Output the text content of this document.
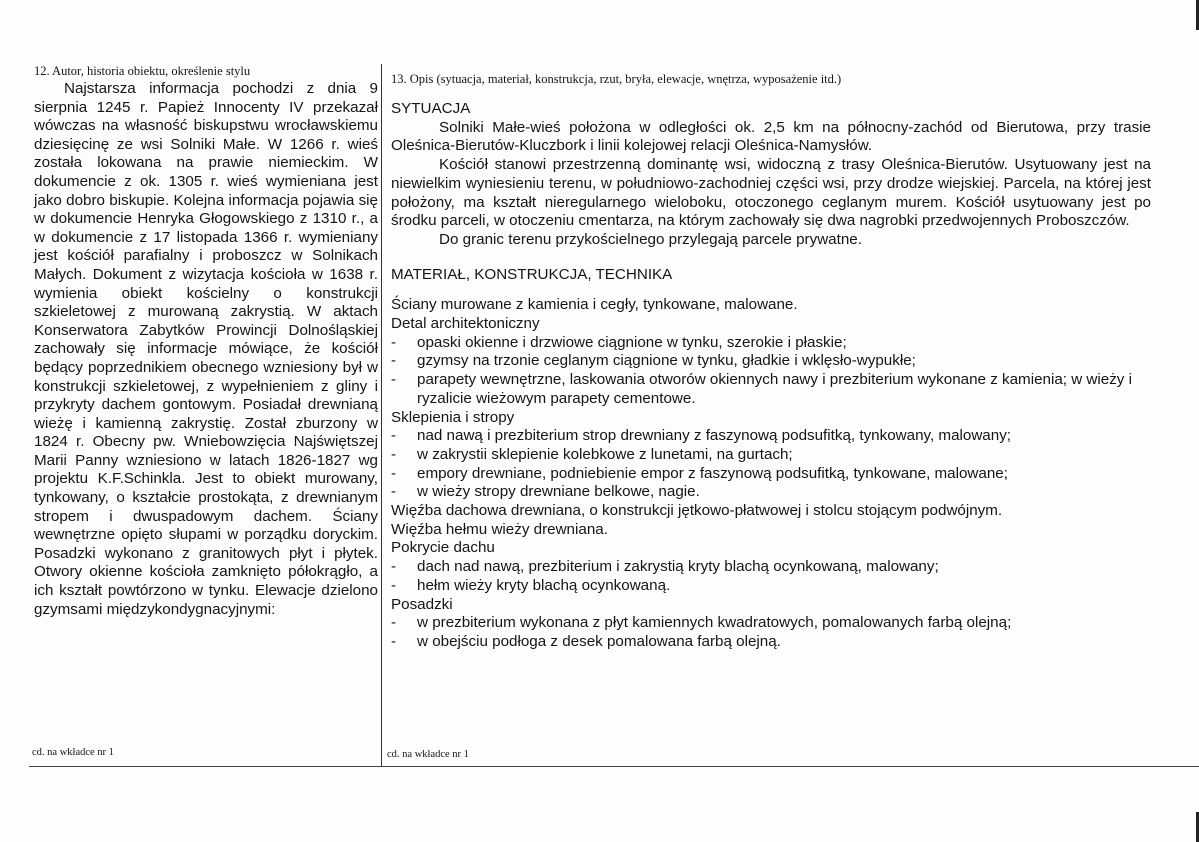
12. Autor, historia obiektu, określenie stylu

Najstarsza informacja pochodzi z dnia 9 sierpnia 1245 r. Papież Innocenty IV przekazał wówczas na własność biskupstwu wrocławskiemu dziesięcinę ze wsi Solniki Małe. W 1266 r. wieś została lokowana na prawie niemieckim. W dokumencie z ok. 1305 r. wieś wymieniana jest jako dobro biskupie. Kolejna informacja pojawia się w dokumencie Henryka Głogowskiego z 1310 r., a w dokumencie z 17 listopada 1366 r. wymieniany jest kościół parafialny i proboszcz w Solnikach Małych. Dokument z wizytacja kościoła w 1638 r. wymienia obiekt kościelny o konstrukcji szkieletowej z murowaną zakrystią. W aktach Konserwatora Zabytków Prowincji Dolnośląskiej zachowały się informacje mówiące, że kościół będący poprzednikiem obecnego wzniesiony był w konstrukcji szkieletowej, z wypełnieniem z gliny i przykryty dachem gontowym. Posiadał drewnianą wieżę i kamienną zakrystię. Został zburzony w 1824 r. Obecny pw. Wniebowzięcia Najświętszej Marii Panny wzniesiono w latach 1826-1827 wg projektu K.F.Schinkla. Jest to obiekt murowany, tynkowany, o kształcie prostokąta, z drewnianym stropem i dwuspadowym dachem. Ściany wewnętrzne opięto słupami w porządku doryckim. Posadzki wykonano z granitowych płyt i płytek. Otwory okienne kościoła zamknięto półokrągło, a ich kształt powtórzono w tynku. Elewacje dzielono gzymsami międzykondygnacyjnymi:

cd. na wkładce nr 1
13. Opis (sytuacja, materiał, konstrukcja, rzut, bryła, elewacje, wnętrza, wyposażenie itd.)
SYTUACJA

Solniki Małe-wieś położona w odległości ok. 2,5 km na północny-zachód od Bierutowa, przy trasie Oleśnica-Bierutów-Kluczbork i linii kolejowej relacji Oleśnica-Namysłów.

Kościół stanowi przestrzenną dominantę wsi, widoczną z trasy Oleśnica-Bierutów. Usytuowany jest na niewielkim wyniesieniu terenu, w południowo-zachodniej części wsi, przy drodze wiejskiej. Parcela, na której jest położony, ma kształt nieregularnego wieloboku, otoczonego ceglanym murem. Kościół usytuowany jest po środku parceli, w otoczeniu cmentarza, na którym zachowały się dwa nagrobki przedwojennych Proboszczów.

Do granic terenu przykościelnego przylegają parcele prywatne.

MATERIAŁ, KONSTRUKCJA, TECHNIKA

Ściany murowane z kamienia i cegły, tynkowane, malowane.

Detal architektoniczny
-	opaski okienne i drzwiowe ciągnione w tynku, szerokie i płaskie;
-	gzymsy na trzonie ceglanym ciągnione w tynku, gładkie i wklęsło-wypukłe;
-	parapety wewnętrzne, laskowania otworów okiennych nawy i prezbiterium wykonane z kamienia; w wieży i ryzalicie wieżowym parapety cementowe.
Sklepienia i stropy
-	nad nawą i prezbiterium strop drewniany z faszynową podsufitką, tynkowany, malowany;
-	w zakrystii sklepienie kolebkowe z lunetami, na gurtach;
-	empory drewniane, podniebienie empor z faszynową podsufitką, tynkowane, malowane;
-	w wieży stropy drewniane belkowe, nagie.

Więźba dachowa drewniana, o konstrukcji jętkowo-płatwowej i stolcu stojącym podwójnym.

Więźba hełmu wieży drewniana.

Pokrycie dachu
-	dach nad nawą, prezbiterium i zakrystią kryty blachą ocynkowaną, malowany;
-	hełm wieży kryty blachą ocynkowaną.
Posadzki
-	w prezbiterium wykonana z płyt kamiennych kwadratowych, pomalowanych farbą olejną;
-	w obejściu podłoga z desek pomalowana farbą olejną.
cd. na wkładce nr 1
